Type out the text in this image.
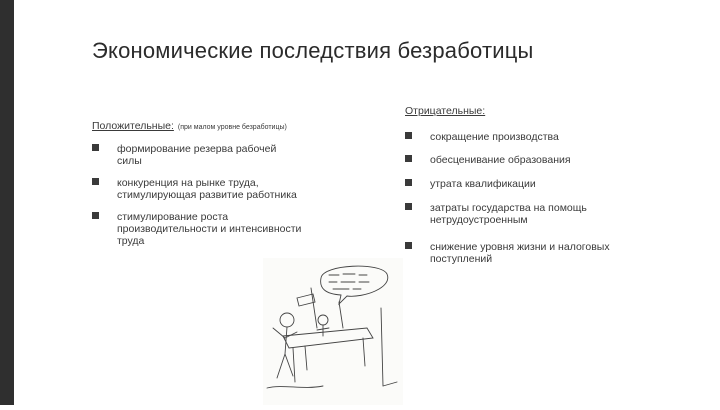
Экономические последствия безработицы
Положительные: (при малом уровне безработицы)
формирование резерва рабочей
силы
конкуренция на рынке труда,
стимулирующая развитие работника
стимулирование роста
производительности и интенсивности
труда
Отрицательные:
сокращение производства
обесценивание образования
утрата квалификации
затраты государства на помощь
нетрудоустроенным
снижение уровня жизни и налоговых
поступлений
